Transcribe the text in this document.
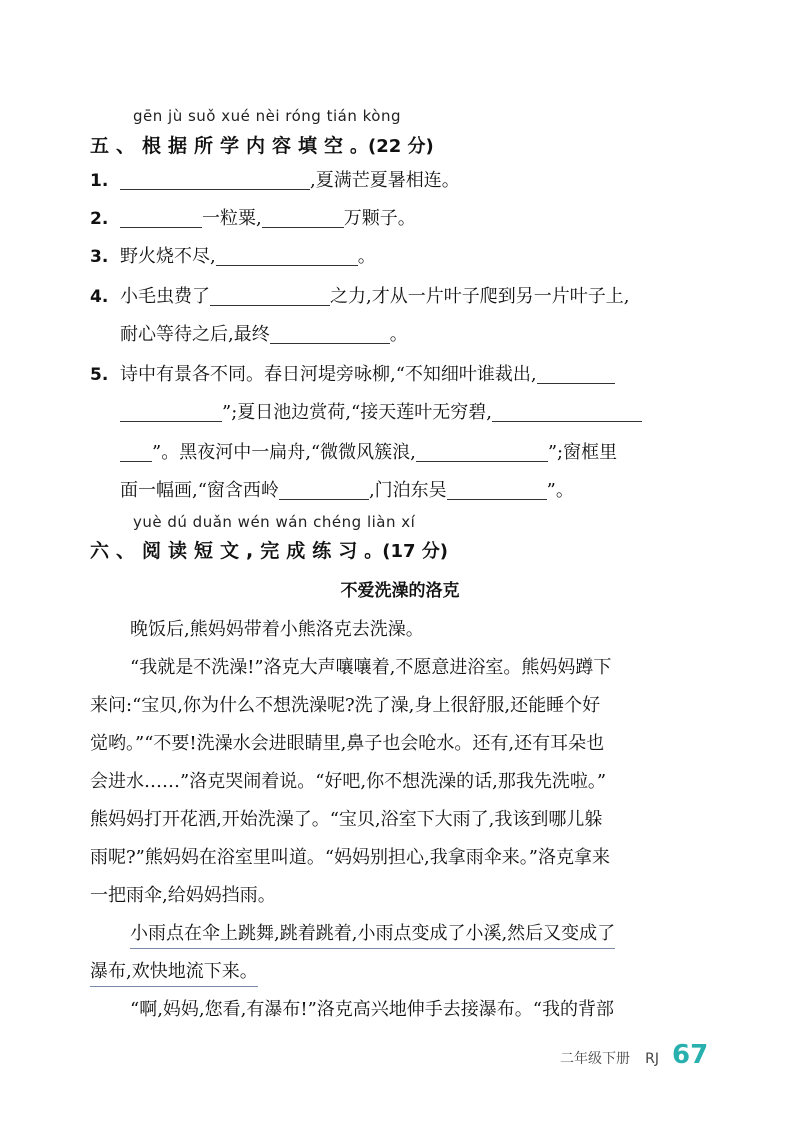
gēn jù suǒ xué nèi róng tián kòng
五、根据所学内容填空。(22 分)
1.	,夏满芒夏暑相连。
2.	一粒粟,	万颗子。
3. 野火烧不尽,	。
4. 小毛虫费了	之力,才从一片叶子爬到另一片叶子上,
耐心等待之后,最终	。
5. 诗中有景各不同。春日河堤旁咏柳,“不知细叶谁裁出,
”;夏日池边赏荷,“接天莲叶无穷碧,
”。黑夜河中一扁舟,“微微风簇浪,	”;窗框里
面一幅画,“窗含西岭	,门泊东吴	”。
yuè dú duǎn wén wán chéng liàn xí
六、阅读短文,完成练习。(17 分)
不爱洗澡的洛克
晚饭后,熊妈妈带着小熊洛克去洗澡。
“我就是不洗澡!”洛克大声嚷嚷着,不愿意进浴室。熊妈妈蹲下
来问:“宝贝,你为什么不想洗澡呢?洗了澡,身上很舒服,还能睡个好
觉哟。”“不要!洗澡水会进眼睛里,鼻子也会呛水。还有,还有耳朵也
会进水……”洛克哭闹着说。“好吧,你不想洗澡的话,那我先洗啦。”
熊妈妈打开花洒,开始洗澡了。“宝贝,浴室下大雨了,我该到哪儿躲
雨呢?”熊妈妈在浴室里叫道。“妈妈别担心,我拿雨伞来。”洛克拿来
一把雨伞,给妈妈挡雨。
小雨点在伞上跳舞,跳着跳着,小雨点变成了小溪,然后又变成了
瀑布,欢快地流下来。
“啊,妈妈,您看,有瀑布!”洛克高兴地伸手去接瀑布。“我的背部
二年级下册 RJ 67
